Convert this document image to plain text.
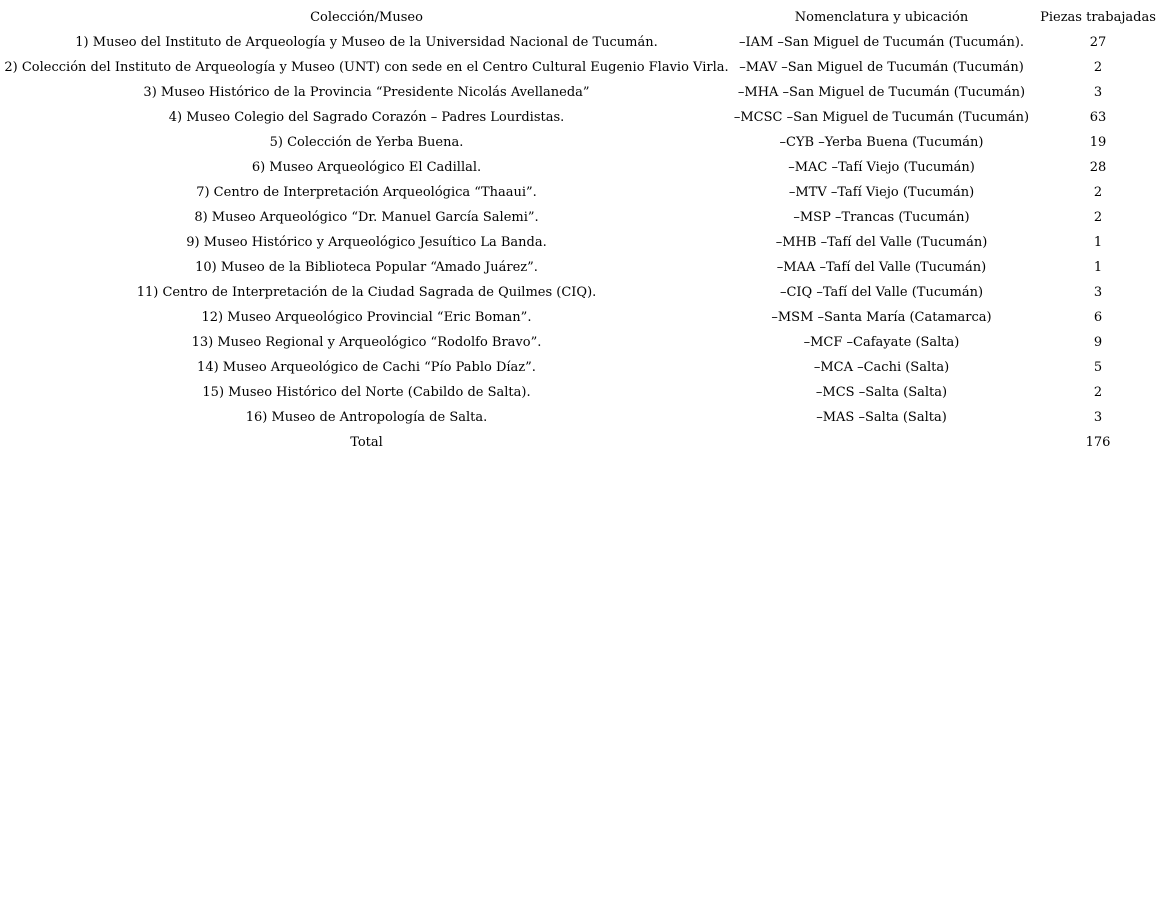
Colección/Museo	Nomenclatura y ubicación	Piezas trabajadas
1) Museo del Instituto de Arqueología y Museo de la Universidad Nacional de Tucumán.	–IAM –San Miguel de Tucumán (Tucumán).	27
2) Colección del Instituto de Arqueología y Museo (UNT) con sede en el Centro Cultural Eugenio Flavio Virla.	–MAV –San Miguel de Tucumán (Tucumán)	2
3) Museo Histórico de la Provincia “Presidente Nicolás Avellaneda”	–MHA –San Miguel de Tucumán (Tucumán)	3
4) Museo Colegio del Sagrado Corazón – Padres Lourdistas.	–MCSC –San Miguel de Tucumán (Tucumán)	63
5) Colección de Yerba Buena.	–CYB –Yerba Buena (Tucumán)	19
6) Museo Arqueológico El Cadillal.	–MAC –Tafí Viejo (Tucumán)	28
7) Centro de Interpretación Arqueológica “Thaaui”.	–MTV –Tafí Viejo (Tucumán)	2
8) Museo Arqueológico “Dr. Manuel García Salemi”.	–MSP –Trancas (Tucumán)	2
9) Museo Histórico y Arqueológico Jesuítico La Banda.	–MHB –Tafí del Valle (Tucumán)	1
10) Museo de la Biblioteca Popular “Amado Juárez”.	–MAA –Tafí del Valle (Tucumán)	1
11) Centro de Interpretación de la Ciudad Sagrada de Quilmes (CIQ).	–CIQ –Tafí del Valle (Tucumán)	3
12) Museo Arqueológico Provincial “Eric Boman”.	–MSM –Santa María (Catamarca)	6
13) Museo Regional y Arqueológico “Rodolfo Bravo”.	–MCF –Cafayate (Salta)	9
14) Museo Arqueológico de Cachi “Pío Pablo Díaz”.	–MCA –Cachi (Salta)	5
15) Museo Histórico del Norte (Cabildo de Salta).	–MCS –Salta (Salta)	2
16) Museo de Antropología de Salta.	–MAS –Salta (Salta)	3
Total		176
